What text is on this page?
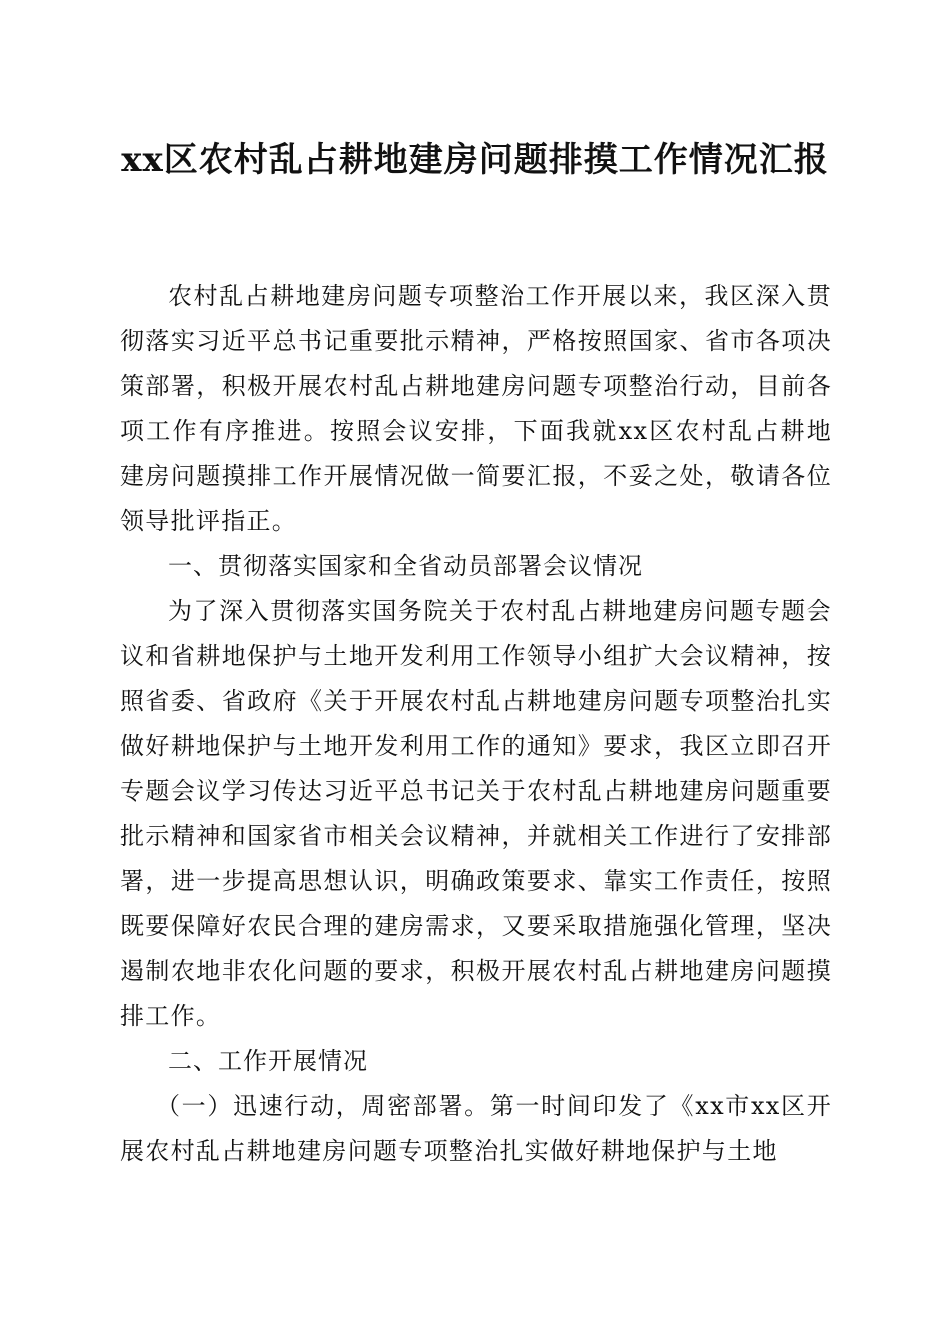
xx区农村乱占耕地建房问题排摸工作情况汇报

农村乱占耕地建房问题专项整治工作开展以来，我区深入贯彻落实习近平总书记重要批示精神，严格按照国家、省市各项决策部署，积极开展农村乱占耕地建房问题专项整治行动，目前各项工作有序推进。按照会议安排，下面我就xx区农村乱占耕地建房问题摸排工作开展情况做一简要汇报，不妥之处，敬请各位领导批评指正。

一、贯彻落实国家和全省动员部署会议情况

为了深入贯彻落实国务院关于农村乱占耕地建房问题专题会议和省耕地保护与土地开发利用工作领导小组扩大会议精神，按照省委、省政府《关于开展农村乱占耕地建房问题专项整治扎实做好耕地保护与土地开发利用工作的通知》要求，我区立即召开专题会议学习传达习近平总书记关于农村乱占耕地建房问题重要批示精神和国家省市相关会议精神，并就相关工作进行了安排部署，进一步提高思想认识，明确政策要求、靠实工作责任，按照既要保障好农民合理的建房需求，又要采取措施强化管理，坚决遏制农地非农化问题的要求，积极开展农村乱占耕地建房问题摸排工作。

二、工作开展情况

（一）迅速行动，周密部署。第一时间印发了《xx市xx区开展农村乱占耕地建房问题专项整治扎实做好耕地保护与土地
